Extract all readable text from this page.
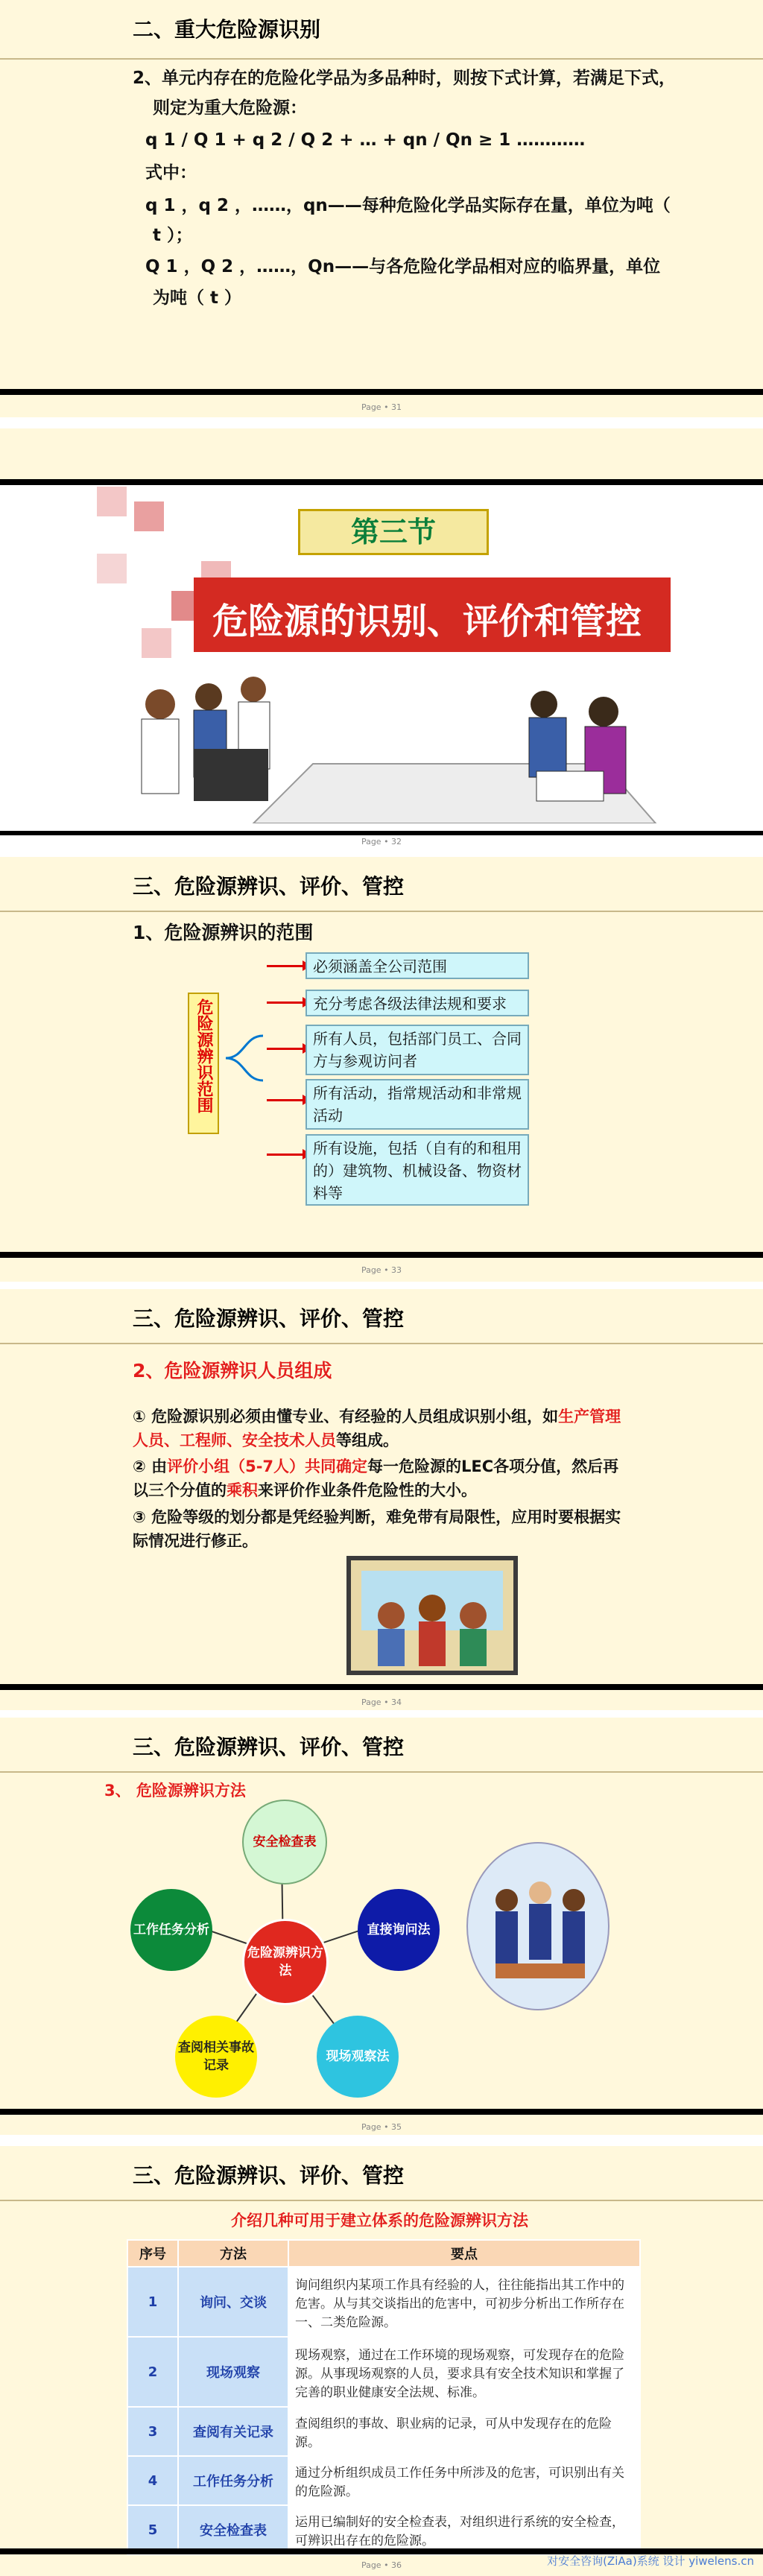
二、重大危险源识别
2、单元内存在的危险化学品为多品种时，则按下式计算，若满足下式，
则定为重大危险源：
q 1 / Q 1 + q 2 / Q 2 + … + qn / Qn ≥ 1 …………
式中：
q 1 ，q 2 ，……，qn——每种危险化学品实际存在量，单位为吨（
t ）；
Q 1 ，Q 2 ，……，Qn——与各危险化学品相对应的临界量，单位
为吨（ t ）
Page • 31
第三节
危险源的识别、评价和管控
Page • 32
三、危险源辨识、评价、管控
1、危险源辨识的范围
危险源辨识范围
必须涵盖全公司范围
充分考虑各级法律法规和要求
所有人员，包括部门员工、合同方与参观访问者
所有活动，指常规活动和非常规活动
所有设施，包括（自有的和租用的）建筑物、机械设备、物资材料等
Page • 33
三、危险源辨识、评价、管控
2、危险源辨识人员组成
① 危险源识别必须由懂专业、有经验的人员组成识别小组，如生产管理人员、工程师、安全技术人员等组成。
② 由评价小组（5-7人）共同确定每一危险源的LEC各项分值，然后再以三个分值的乘积来评价作业条件危险性的大小。
③ 危险等级的划分都是凭经验判断，难免带有局限性，应用时要根据实际情况进行修正。
Page • 34
三、危险源辨识、评价、管控
3、 危险源辨识方法
安全检查表
直接询问法
现场观察法
查阅相关事故记录
工作任务分析
危险源辨识方法
Page • 35
三、危险源辨识、评价、管控
介绍几种可用于建立体系的危险源辨识方法
序号	方法	要点
1	询问、交谈	询问组织内某项工作具有经验的人，往往能指出其工作中的危害。从与其交谈指出的危害中，可初步分析出工作所存在一、二类危险源。
2	现场观察	现场观察，通过在工作环境的现场观察，可发现存在的危险源。从事现场观察的人员，要求具有安全技术知识和掌握了完善的职业健康安全法规、标准。
3	查阅有关记录	查阅组织的事故、职业病的记录，可从中发现存在的危险源。
4	工作任务分析	通过分析组织成员工作任务中所涉及的危害，可识别出有关的危险源。
5	安全检查表	运用已编制好的安全检查表，对组织进行系统的安全检查，可辨识出存在的危险源。
Page • 36	对安全咨询(ZiAa)系统 设计 yiwelens.cn
